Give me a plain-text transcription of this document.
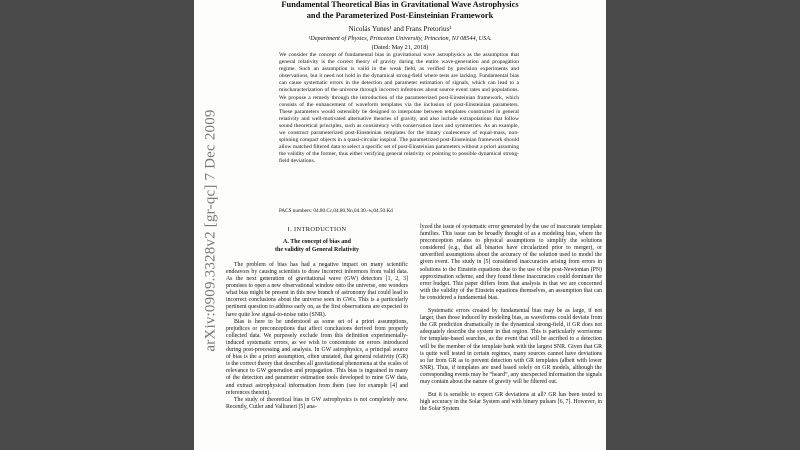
arXiv:0909.3328v2 [gr-qc] 7 Dec 2009
Fundamental Theoretical Bias in Gravitational Wave Astrophysics
and the Parameterized Post-Einsteinian Framework
Nicolás Yunes¹ and Frans Pretorius¹
¹Department of Physics, Princeton University, Princeton, NJ 08544, USA.
(Dated: May 21, 2018)
We consider the concept of fundamental bias in gravitational wave astrophysics as the assumption that general relativity is the correct theory of gravity during the entire wave-generation and propagation regime. Such an assumption is valid in the weak field, as verified by precision experiments and observations, but it need not hold in the dynamical strong-field where tests are lacking. Fundamental bias can cause systematic errors in the detection and parameter estimation of signals, which can lead to a mischaracterization of the universe through incorrect inferences about source event rates and populations. We propose a remedy through the introduction of the parameterized post-Einsteinian framework, which consists of the enhancement of waveform templates via the inclusion of post-Einsteinian parameters. These parameters would ostensibly be designed to interpolate between templates constructed in general relativity and well-motivated alternative theories of gravity, and also include extrapolations that follow sound theoretical principles, such as consistency with conservation laws and symmetries. As an example, we construct parameterized post-Einsteinian templates for the binary coalescence of equal-mass, non-spinning compact objects in a quasi-circular inspiral. The parametrized post-Einsteinian framework should allow matched filtered data to select a specific set of post-Einsteinian parameters without a priori assuming the validity of the former, thus either verifying general relativity or pointing to possible dynamical strong-field deviations.
PACS numbers: 04.80.Cc,04.80.Nn,04.30.-w,04.50.Kd
I. INTRODUCTION
A. The concept of bias and
the validity of General Relativity

The problem of bias has had a negative impact on many scientific endeavors by causing scientists to draw incorrect inferences from valid data. As the next generation of gravitational wave (GW) detectors [1, 2, 3] promises to open a new observational window onto the universe, one wonders what bias might be present in this new branch of astronomy that could lead to incorrect conclusions about the universe seen in GWs. This is a particularly pertinent question to address early on, as the first observations are expected to have quite low signal-to-noise ratio (SNR).

Bias is here to be understood as some set of a priori assumptions, prejudices or preconceptions that affect conclusions derived from properly collected data. We purposely exclude from this definition experimentally-induced systematic errors, as we wish to concentrate on errors introduced during post-processing and analysis. In GW astrophysics, a principal source of bias is the a priori assumption, often unstated, that general relativity (GR) is the correct theory that describes all gravitational phenomena at the scales of relevance to GW generation and propagation. This bias is ingrained in many of the detection and parameter estimation tools developed to mine GW data, and extract astrophysical information from them (see for example [4] and references therein).

The study of theoretical bias in GW astrophysics is not completely new. Recently, Cutler and Vallisneri [5] ana-

lyzed the issue of systematic error generated by the use of inaccurate template families. This issue can be broadly thought of as a modeling bias, where the preconception relates to physical assumptions to simplify the solutions considered (e.g., that all binaries have circularized prior to merger), or unverified assumptions about the accuracy of the solution used to model the given event. The study in [5] considered inaccuracies arising from errors in solutions to the Einstein equations due to the use of the post-Newtonian (PN) approximation scheme, and they found these inaccuracies could dominate the error budget. This paper differs from that analysis in that we are concerned with the validity of the Einstein equations themselves, an assumption that can be considered a fundamental bias.

Systematic errors created by fundamental bias may be as large, if not larger, than those induced by modeling bias, as waveforms could deviate from the GR prediction dramatically in the dynamical strong-field, if GR does not adequately describe the system in that region. This is particularly worrisome for template-based searches, as the event that will be ascribed to a detection will be the member of the template bank with the largest SNR. Given that GR is quite well tested in certain regimes, many sources cannot have deviations so far from GR as to prevent detection with GR templates (albeit with lower SNR). Thus, if templates are used based solely on GR models, although the corresponding events may be “heard”, any unexpected information the signals may contain about the nature of gravity will be filtered out.

But it is sensible to expect GR deviations at all? GR has been tested to high accuracy in the Solar System and with binary pulsars [6, 7]. However, in the Solar System
